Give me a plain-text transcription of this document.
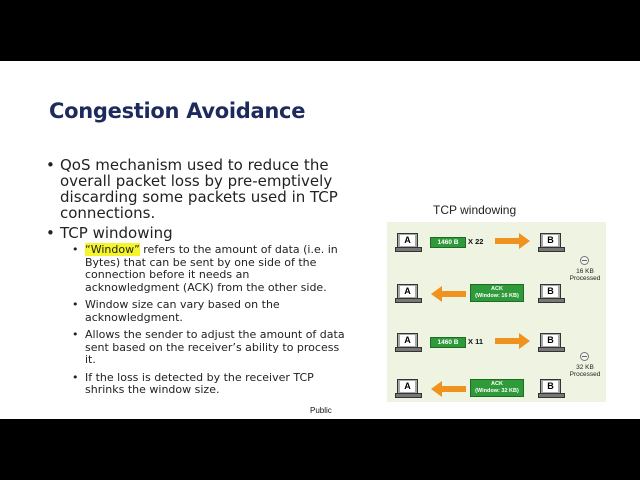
Congestion Avoidance
• QoS mechanism used to reduce the overall packet loss by pre-emptively discarding some packets used in TCP connections.
• TCP windowing
• “Window” refers to the amount of data (i.e. in Bytes) that can be sent by one side of the connection before it needs an acknowledgment (ACK) from the other side.
• Window size can vary based on the acknowledgment.
• Allows the sender to adjust the amount of data sent based on the receiver’s ability to process it.
• If the loss is detected by the receiver TCP shrinks the window size.
Public
TCP windowing
A	1460 B	X 22	B
16 KB Processed
A	ACK
(Window: 16 KB)	B
A	1460 B	X 11	B
32 KB Processed
A	ACK
(Window: 32 KB)	B
